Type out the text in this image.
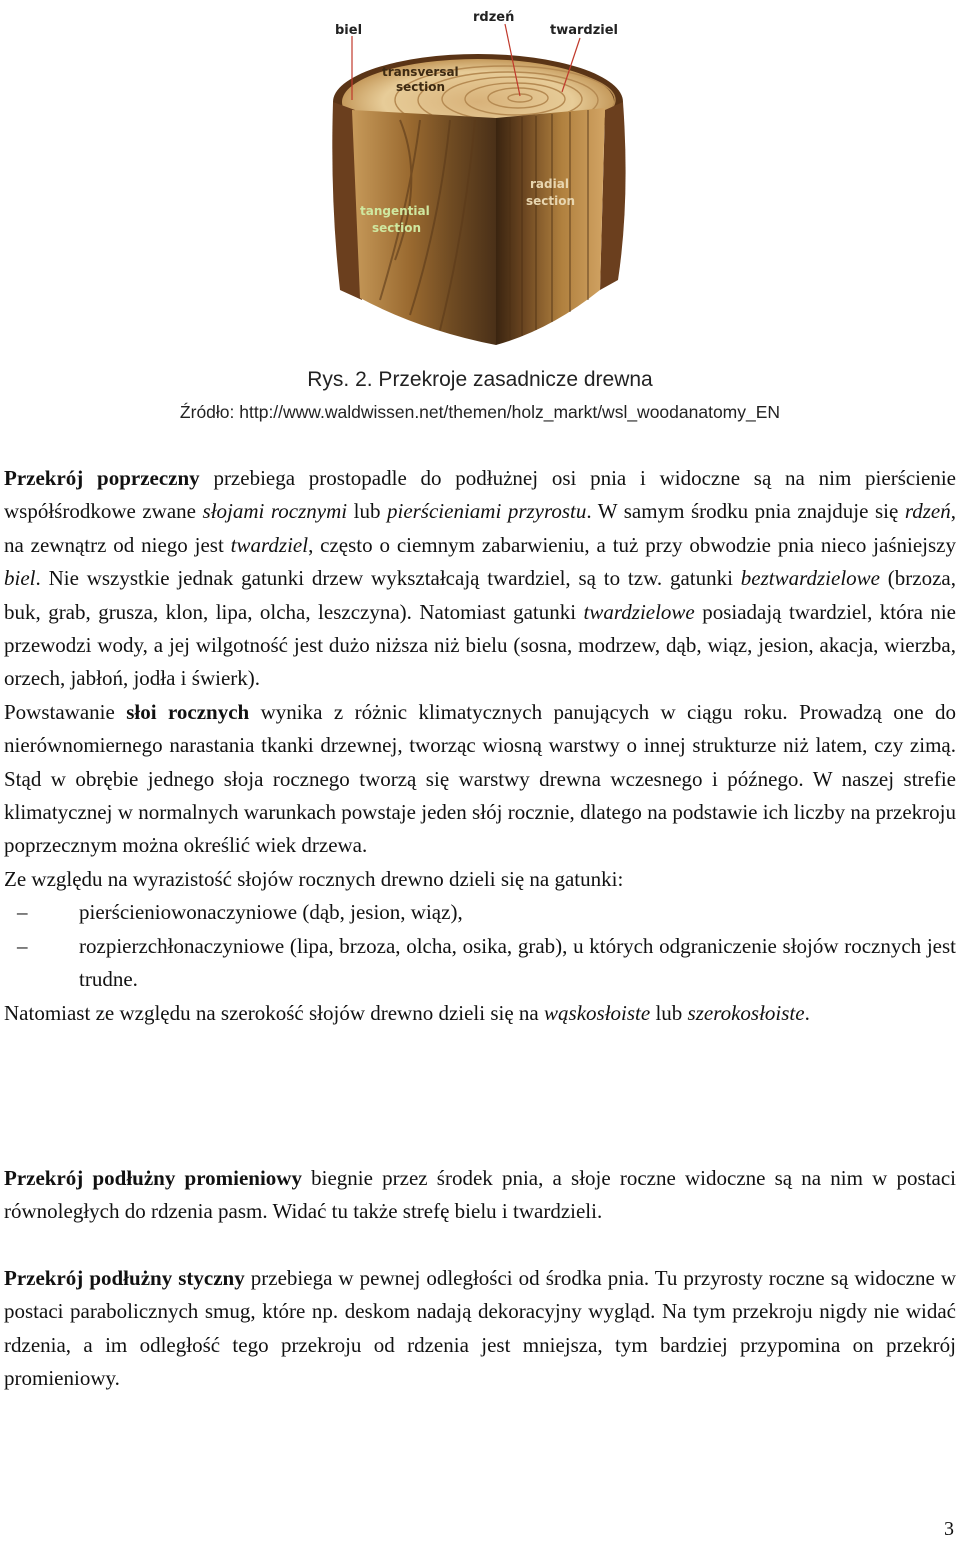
biel
rdzeń
twardziel
transversal
section
radial
section
tangential
section
Rys. 2. Przekroje zasadnicze drewna
Źródło: http://www.waldwissen.net/themen/holz_markt/wsl_woodanatomy_EN

Przekrój poprzeczny przebiega prostopadle do podłużnej osi pnia i widoczne są na nim pierścienie współśrodkowe zwane słojami rocznymi lub pierścieniami przyrostu. W samym środku pnia znajduje się rdzeń, na zewnątrz od niego jest twardziel, często o ciemnym zabarwieniu, a tuż przy obwodzie pnia nieco jaśniejszy biel. Nie wszystkie jednak gatunki drzew wykształcają twardziel, są to tzw. gatunki beztwardzielowe (brzoza, buk, grab, grusza, klon, lipa, olcha, leszczyna). Natomiast gatunki twardzielowe posiadają twardziel, która nie przewodzi wody, a jej wilgotność jest dużo niższa niż bielu (sosna, modrzew, dąb, wiąz, jesion, akacja, wierzba, orzech, jabłoń, jodła i świerk).

Powstawanie słoi rocznych wynika z różnic klimatycznych panujących w ciągu roku. Prowadzą one do nierównomiernego narastania tkanki drzewnej, tworząc wiosną warstwy o innej strukturze niż latem, czy zimą. Stąd w obrębie jednego słoja rocznego tworzą się warstwy drewna wczesnego i późnego. W naszej strefie klimatycznej w normalnych warunkach powstaje jeden słój rocznie, dlatego na podstawie ich liczby na przekroju poprzecznym można określić wiek drzewa.

Ze względu na wyrazistość słojów rocznych drewno dzieli się na gatunki:

– pierścieniowonaczyniowe (dąb, jesion, wiąz),

– rozpierzchłonaczyniowe (lipa, brzoza, olcha, osika, grab), u których odgraniczenie słojów rocznych jest trudne.

Natomiast ze względu na szerokość słojów drewno dzieli się na wąskosłoiste lub szerokosłoiste.

Przekrój podłużny promieniowy biegnie przez środek pnia, a słoje roczne widoczne są na nim w postaci równoległych do rdzenia pasm. Widać tu także strefę bielu i twardzieli.

Przekrój podłużny styczny przebiega w pewnej odległości od środka pnia. Tu przyrosty roczne są widoczne w postaci parabolicznych smug, które np. deskom nadają dekoracyjny wygląd. Na tym przekroju nigdy nie widać rdzenia, a im odległość tego przekroju od rdzenia jest mniejsza, tym bardziej przypomina on przekrój promieniowy.

3
